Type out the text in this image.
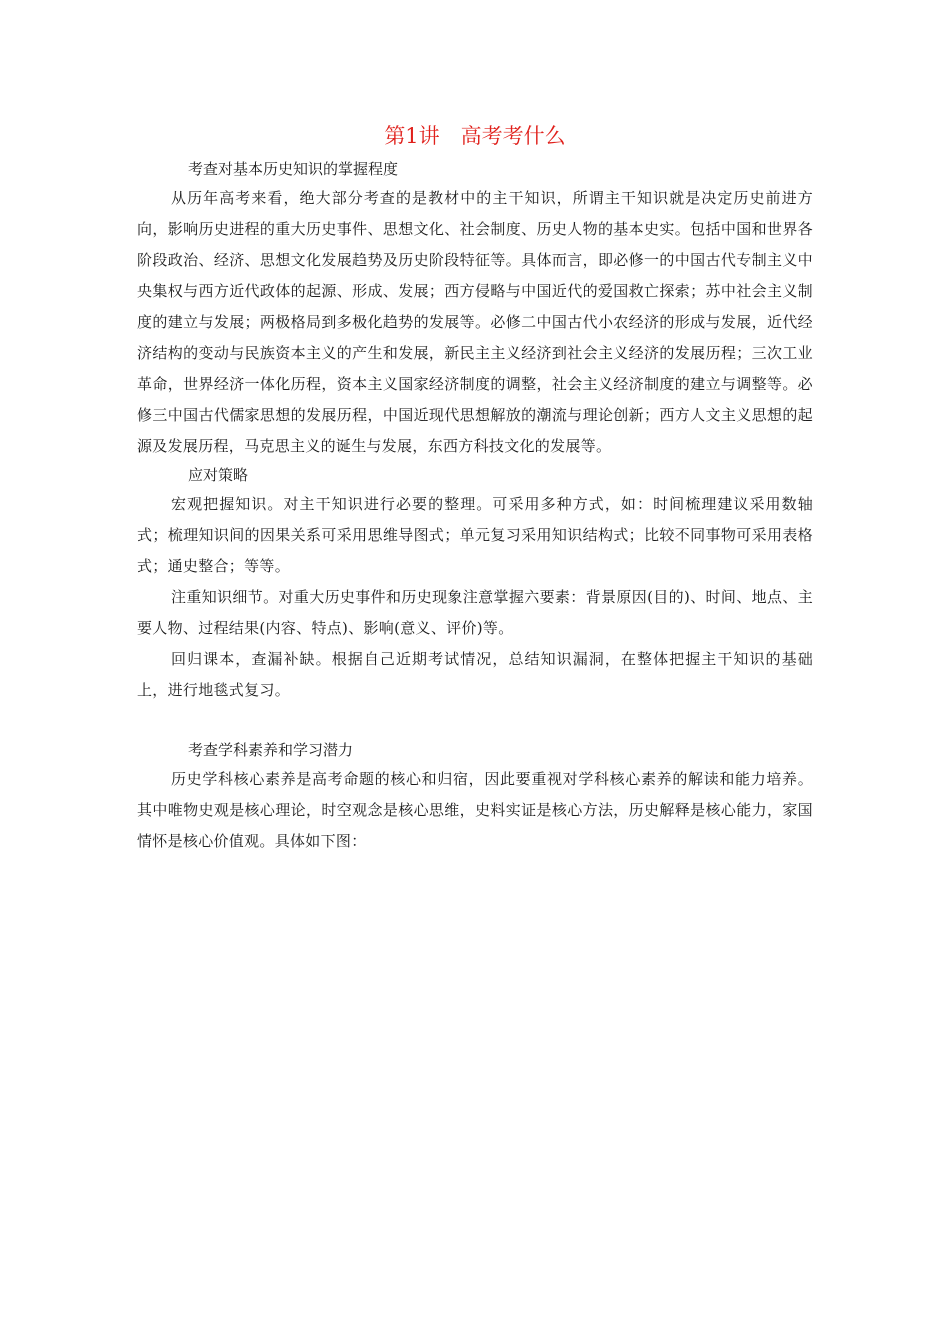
第1讲　高考考什么

考查对基本历史知识的掌握程度

从历年高考来看，绝大部分考查的是教材中的主干知识，所谓主干知识就是决定历史前进方向，影响历史进程的重大历史事件、思想文化、社会制度、历史人物的基本史实。包括中国和世界各阶段政治、经济、思想文化发展趋势及历史阶段特征等。具体而言，即必修一的中国古代专制主义中央集权与西方近代政体的起源、形成、发展；西方侵略与中国近代的爱国救亡探索；苏中社会主义制度的建立与发展；两极格局到多极化趋势的发展等。必修二中国古代小农经济的形成与发展，近代经济结构的变动与民族资本主义的产生和发展，新民主主义经济到社会主义经济的发展历程；三次工业革命，世界经济一体化历程，资本主义国家经济制度的调整，社会主义经济制度的建立与调整等。必修三中国古代儒家思想的发展历程，中国近现代思想解放的潮流与理论创新；西方人文主义思想的起源及发展历程，马克思主义的诞生与发展，东西方科技文化的发展等。

应对策略

宏观把握知识。对主干知识进行必要的整理。可采用多种方式，如：时间梳理建议采用数轴式；梳理知识间的因果关系可采用思维导图式；单元复习采用知识结构式；比较不同事物可采用表格式；通史整合；等等。

注重知识细节。对重大历史事件和历史现象注意掌握六要素：背景原因(目的)、时间、地点、主要人物、过程结果(内容、特点)、影响(意义、评价)等。

回归课本，查漏补缺。根据自己近期考试情况，总结知识漏洞，在整体把握主干知识的基础上，进行地毯式复习。

考查学科素养和学习潜力

历史学科核心素养是高考命题的核心和归宿，因此要重视对学科核心素养的解读和能力培养。其中唯物史观是核心理论，时空观念是核心思维，史料实证是核心方法，历史解释是核心能力，家国情怀是核心价值观。具体如下图：
